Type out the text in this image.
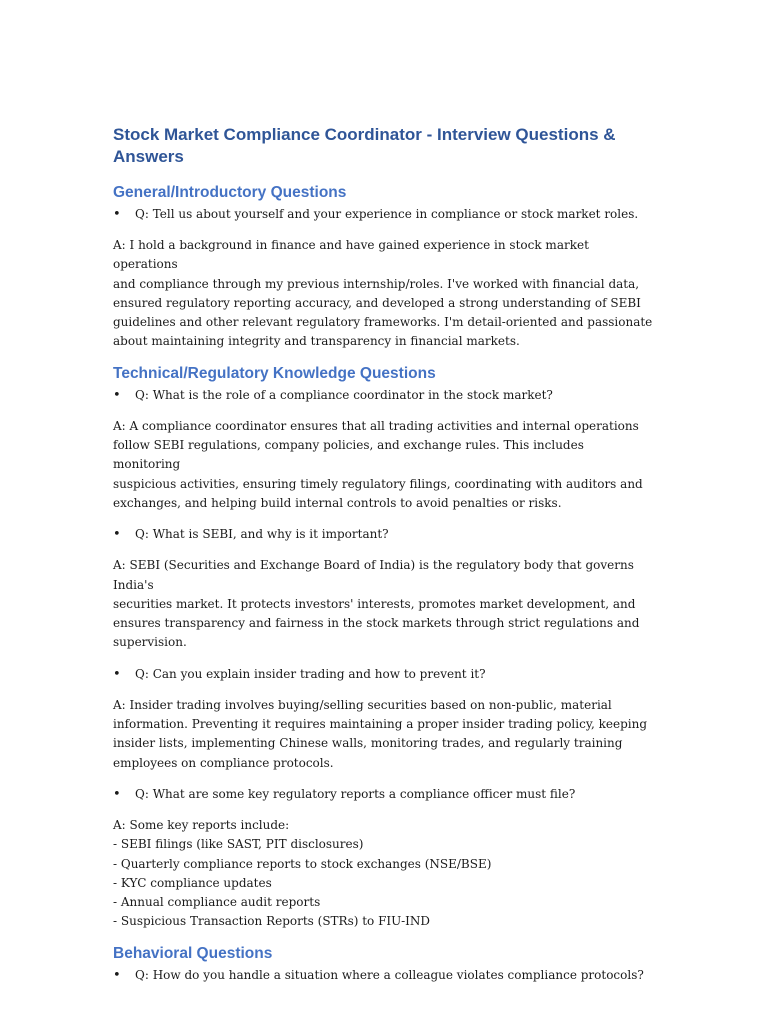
Stock Market Compliance Coordinator - Interview Questions & Answers
General/Introductory Questions
• Q: Tell us about yourself and your experience in compliance or stock market roles.
A: I hold a background in finance and have gained experience in stock market operations
and compliance through my previous internship/roles. I've worked with financial data,
ensured regulatory reporting accuracy, and developed a strong understanding of SEBI
guidelines and other relevant regulatory frameworks. I'm detail-oriented and passionate
about maintaining integrity and transparency in financial markets.
Technical/Regulatory Knowledge Questions
• Q: What is the role of a compliance coordinator in the stock market?
A: A compliance coordinator ensures that all trading activities and internal operations
follow SEBI regulations, company policies, and exchange rules. This includes monitoring
suspicious activities, ensuring timely regulatory filings, coordinating with auditors and
exchanges, and helping build internal controls to avoid penalties or risks.
• Q: What is SEBI, and why is it important?
A: SEBI (Securities and Exchange Board of India) is the regulatory body that governs India's
securities market. It protects investors' interests, promotes market development, and
ensures transparency and fairness in the stock markets through strict regulations and
supervision.
• Q: Can you explain insider trading and how to prevent it?
A: Insider trading involves buying/selling securities based on non-public, material
information. Preventing it requires maintaining a proper insider trading policy, keeping
insider lists, implementing Chinese walls, monitoring trades, and regularly training
employees on compliance protocols.
• Q: What are some key regulatory reports a compliance officer must file?
A: Some key reports include:
- SEBI filings (like SAST, PIT disclosures)
- Quarterly compliance reports to stock exchanges (NSE/BSE)
- KYC compliance updates
- Annual compliance audit reports
- Suspicious Transaction Reports (STRs) to FIU-IND
Behavioral Questions
• Q: How do you handle a situation where a colleague violates compliance protocols?
